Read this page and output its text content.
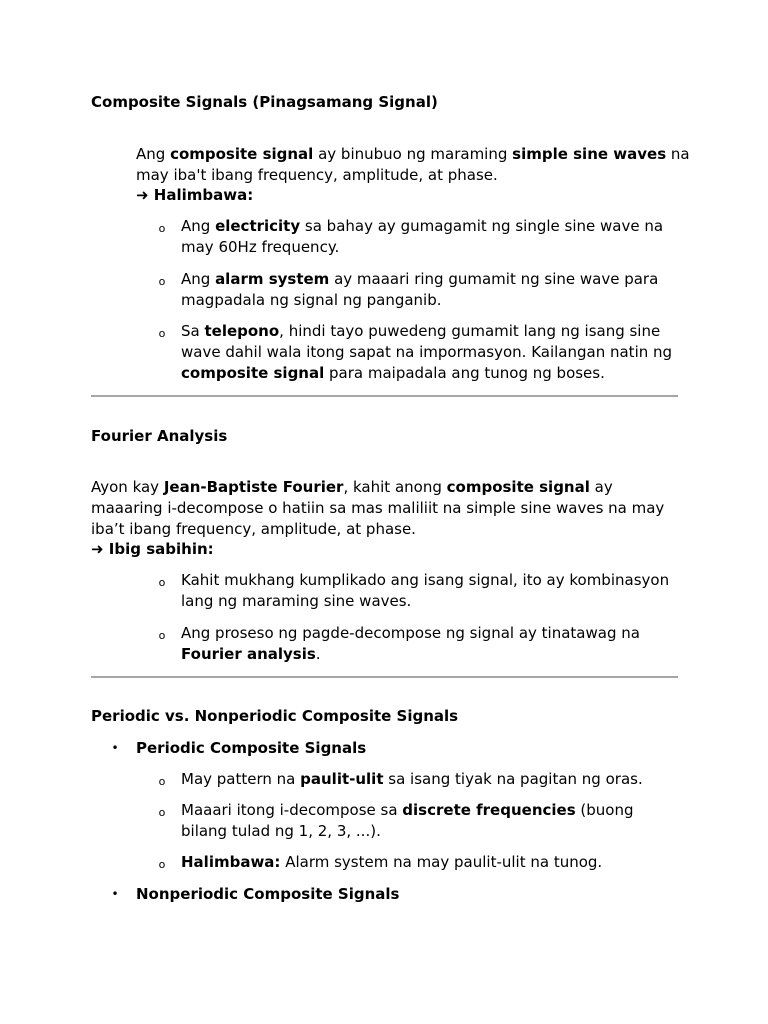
Composite Signals (Pinagsamang Signal)
Ang composite signal ay binubuo ng maraming simple sine waves na may iba't ibang frequency, amplitude, at phase.
➜ Halimbawa:
o Ang electricity sa bahay ay gumagamit ng single sine wave na may 60Hz frequency.
o Ang alarm system ay maaari ring gumamit ng sine wave para magpadala ng signal ng panganib.
o Sa telepono, hindi tayo puwedeng gumamit lang ng isang sine wave dahil wala itong sapat na impormasyon. Kailangan natin ng composite signal para maipadala ang tunog ng boses.
Fourier Analysis
Ayon kay Jean-Baptiste Fourier, kahit anong composite signal ay maaaring i-decompose o hatiin sa mas maliliit na simple sine waves na may iba’t ibang frequency, amplitude, at phase.
➜ Ibig sabihin:
o Kahit mukhang kumplikado ang isang signal, ito ay kombinasyon lang ng maraming sine waves.
o Ang proseso ng pagde-decompose ng signal ay tinatawag na Fourier analysis.
Periodic vs. Nonperiodic Composite Signals
• Periodic Composite Signals
o May pattern na paulit-ulit sa isang tiyak na pagitan ng oras.
o Maaari itong i-decompose sa discrete frequencies (buong bilang tulad ng 1, 2, 3, ...).
o Halimbawa: Alarm system na may paulit-ulit na tunog.
• Nonperiodic Composite Signals
